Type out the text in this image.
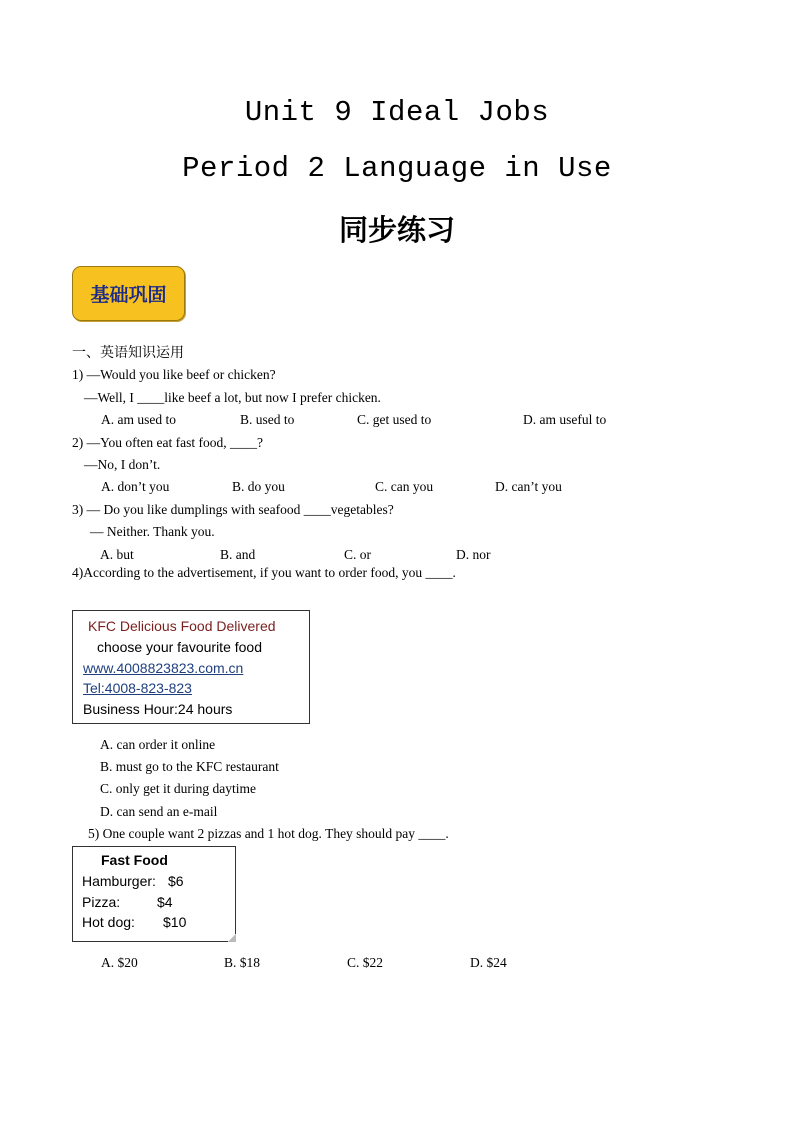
Unit 9 Ideal Jobs
Period 2 Language in Use
同步练习
基础巩固
一、英语知识运用
1) —Would you like beef or chicken?
—Well, I ____like beef a lot, but now I prefer chicken.
A. am used to	B. used to	C. get used to	D. am useful to
2) —You often eat fast food, ____?
—No, I don’t.
A. don’t you	B. do you	C. can you	D. can’t you
3) — Do you like dumplings with seafood ____vegetables?
— Neither. Thank you.
A. but	B. and	C. or	D. nor
4)According to the advertisement, if you want to order food, you ____.
KFC Delicious Food Delivered
choose your favourite food
www.4008823823.com.cn
Tel:4008-823-823
Business Hour:24 hours
A. can order it online
B. must go to the KFC restaurant
C. only get it during daytime
D. can send an e-mail
5) One couple want 2 pizzas and 1 hot dog. They should pay ____.
Fast Food
Hamburger: $6
Pizza:	$4
Hot dog: $10
A. $20	B. $18	C. $22	D. $24
